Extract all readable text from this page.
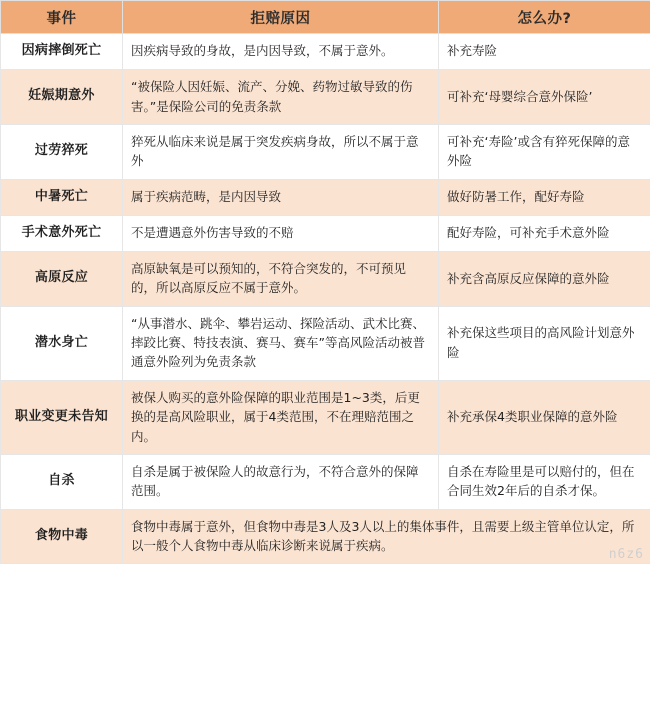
事件	拒赔原因	怎么办?
因病摔倒死亡	因疾病导致的身故，是内因导致，不属于意外。	补充寿险
妊娠期意外	“被保险人因妊娠、流产、分娩、药物过敏导致的伤害。”是保险公司的免责条款	可补充‘母婴综合意外保险’
过劳猝死	猝死从临床来说是属于突发疾病身故，所以不属于意外	可补充‘寿险’或含有猝死保障的意外险
中暑死亡	属于疾病范畴，是内因导致	做好防暑工作，配好寿险
手术意外死亡	不是遭遇意外伤害导致的不赔	配好寿险，可补充手术意外险
高原反应	高原缺氧是可以预知的，不符合突发的，不可预见的，所以高原反应不属于意外。	补充含高原反应保障的意外险
潜水身亡	“从事潜水、跳伞、攀岩运动、探险活动、武术比赛、摔跤比赛、特技表演、赛马、赛车”等高风险活动被普通意外险列为免责条款	补充保这些项目的高风险计划意外险
职业变更未告知	被保人购买的意外险保障的职业范围是1~3类，后更换的是高风险职业，属于4类范围，不在理赔范围之内。	补充承保4类职业保障的意外险
自杀	自杀是属于被保险人的故意行为，不符合意外的保障范围。	自杀在寿险里是可以赔付的，但在合同生效2年后的自杀才保。
食物中毒	食物中毒属于意外，但食物中毒是3人及3人以上的集体事件，且需要上级主管单位认定，所以一般个人食物中毒从临床诊断来说属于疾病。	
n6z6
